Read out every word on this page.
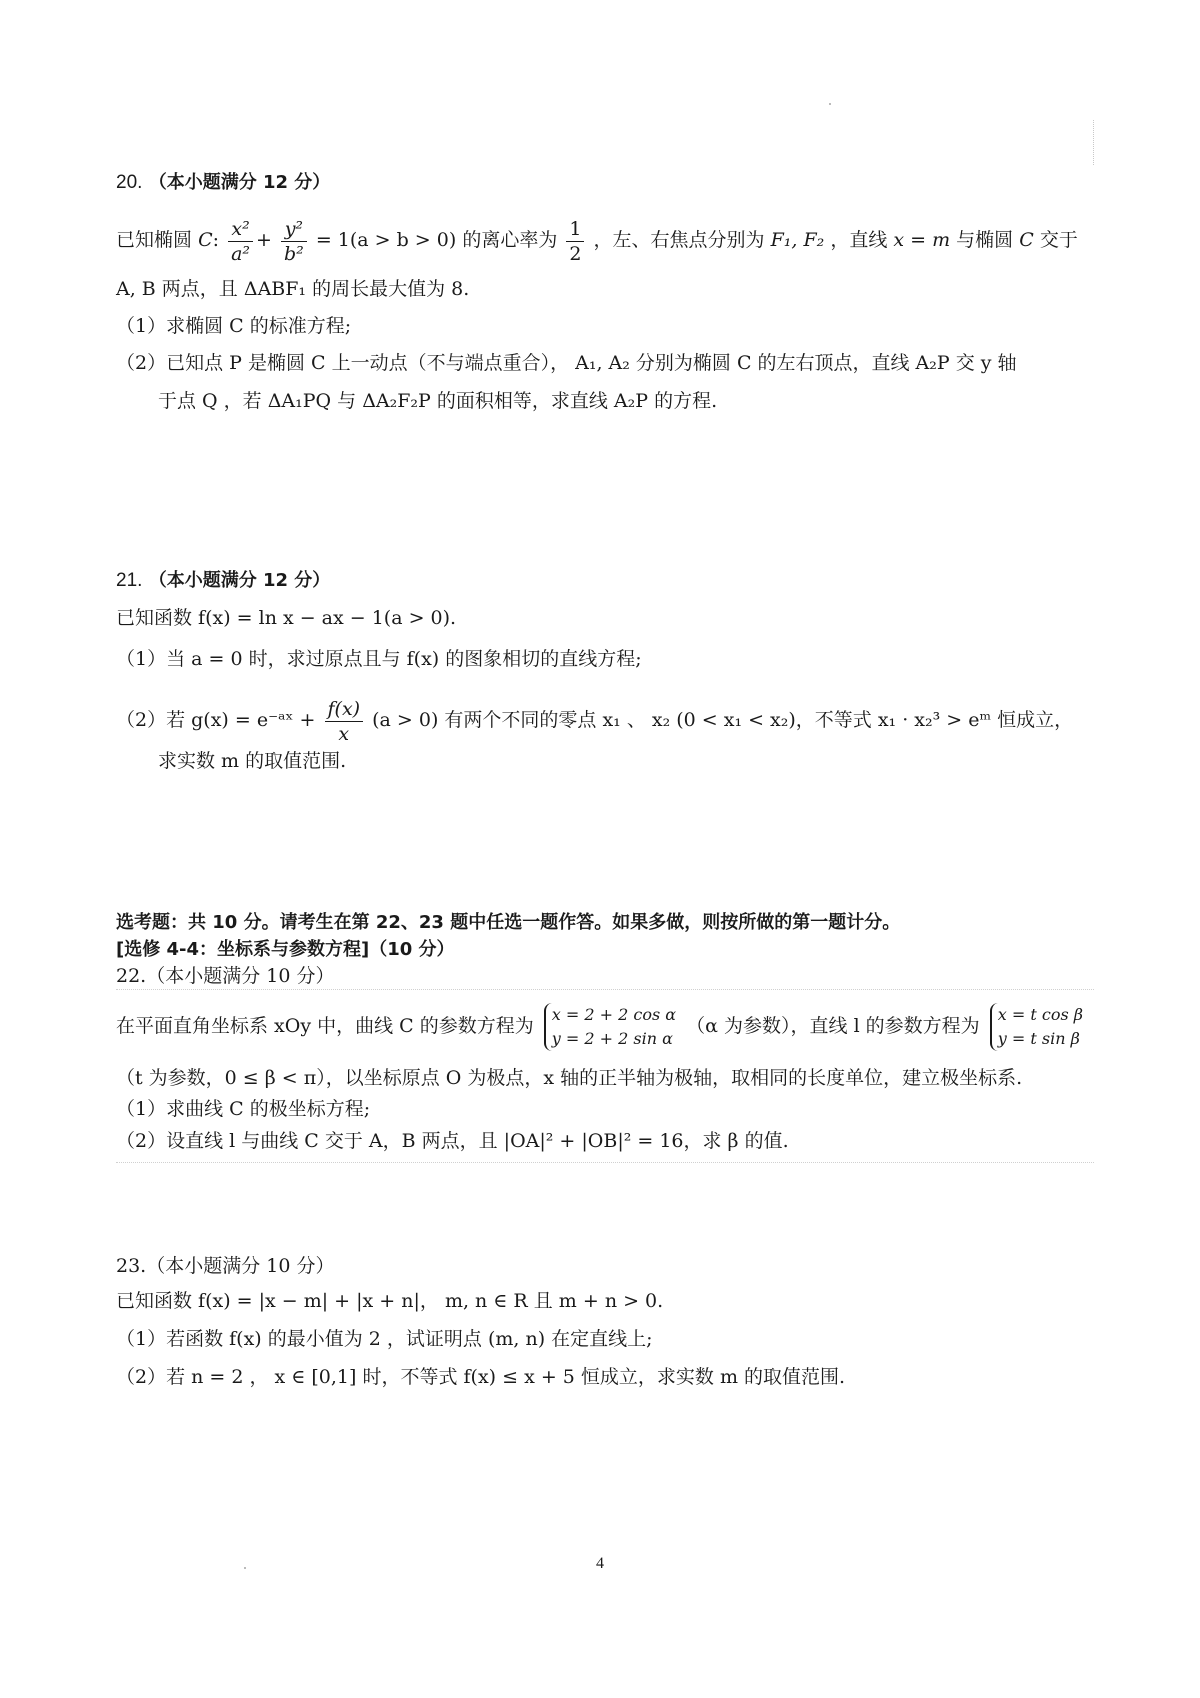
20. （本小题满分 12 分）
已知椭圆 C: $\frac{\text{x²}}{\text{a²}} + \frac{\text{y²}}{\text{b²}} = 1(a > b > 0)$ 的离心率为 $\frac{1}{2}$ ，左、右焦点分别为 F₁, F₂ ，直线 x = m 与椭圆 C 交于
A, B 两点，且 ΔABF₁ 的周长最大值为 8.
（1）求椭圆 C 的标准方程;
（2）已知点 P 是椭圆 C 上一动点（不与端点重合）， A₁, A₂ 分别为椭圆 C 的左右顶点，直线 A₂P 交 y 轴
于点 Q ，若 ΔA₁PQ 与 ΔA₂F₂P 的面积相等，求直线 A₂P 的方程.
21. （本小题满分 12 分）
已知函数 f(x) = ln x − ax − 1(a > 0).
（1）当 a = 0 时，求过原点且与 f(x) 的图象相切的直线方程;
（2）若 g(x) = e⁻ᵃˣ + $\frac{f(x)}{x} (a > 0)$ 有两个不同的零点 x₁ 、 x₂ (0 < x₁ < x₂)，不等式 x₁ · x₂³ > eᵐ 恒成立，
求实数 m 的取值范围.
选考题：共 10 分。请考生在第 22、23 题中任选一题作答。如果多做，则按所做的第一题计分。
[选修 4-4：坐标系与参数方程]（10 分）
22.（本小题满分 10 分）
在平面直角坐标系 xOy 中，曲线 C 的参数方程为
x = 2 + 2 cos α
y = 2 + 2 sin α
（α 为参数），直线 l 的参数方程为
x = t cos β
y = t sin β
（t 为参数，0 ≤ β < π），以坐标原点 O 为极点，x 轴的正半轴为极轴，取相同的长度单位，建立极坐标系.
（1）求曲线 C 的极坐标方程;
（2）设直线 l 与曲线 C 交于 A，B 两点，且 |OA|² + |OB|² = 16，求 β 的值.
23.（本小题满分 10 分）
已知函数 f(x) = |x − m| + |x + n|， m, n ∈ R 且 m + n > 0.
（1）若函数 f(x) 的最小值为 2 ，试证明点 (m, n) 在定直线上;
（2）若 n = 2 ， x ∈ [0,1] 时，不等式 f(x) ≤ x + 5 恒成立，求实数 m 的取值范围.
4
